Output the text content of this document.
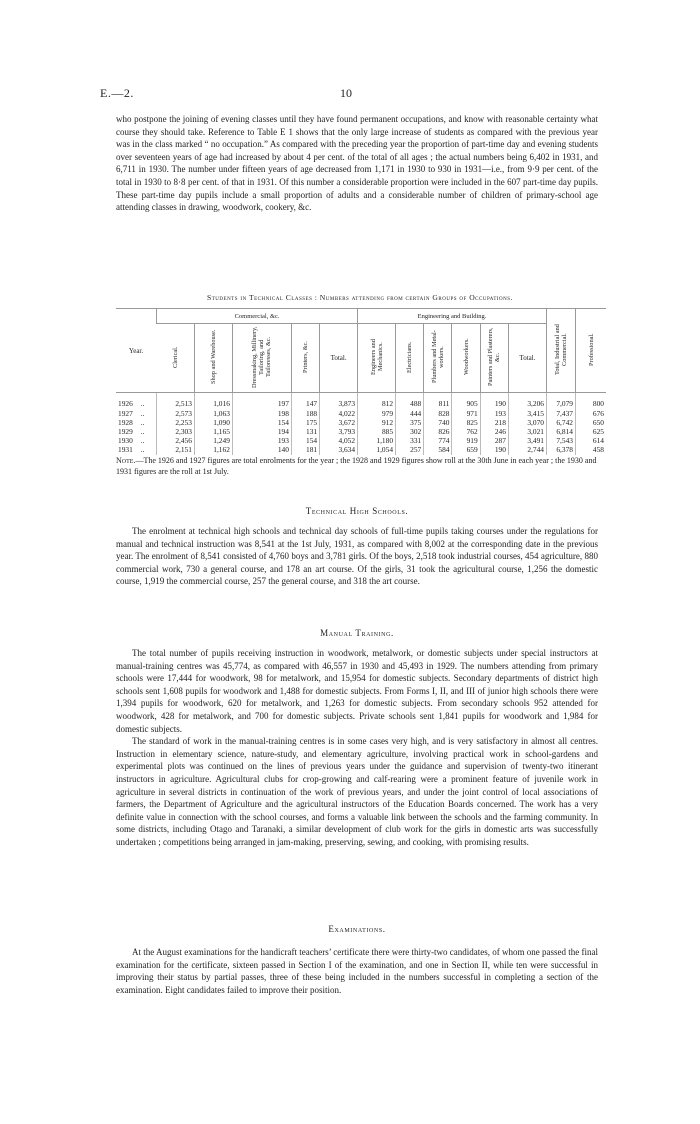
E.—2.	10

who postpone the joining of evening classes until they have found permanent occupations, and know with reasonable certainty what course they should take. Reference to Table E 1 shows that the only large increase of students as compared with the previous year was in the class marked “ no occupation.” As compared with the preceding year the proportion of part-time day and evening students over seventeen years of age had increased by about 4 per cent. of the total of all ages ; the actual numbers being 6,402 in 1931, and 6,711 in 1930. The number under fifteen years of age decreased from 1,171 in 1930 to 930 in 1931—i.e., from 9·9 per cent. of the total in 1930 to 8·8 per cent. of that in 1931. Of this number a considerable proportion were included in the 607 part-time day pupils. These part-time day pupils include a small proportion of adults and a considerable number of children of primary-school age attending classes in drawing, woodwork, cookery, &c.

Students in Technical Classes : Numbers attending from certain Groups of Occupations.
Year.	Commercial, &c.					Engineering and Building.						Total, Industrial and Commercial.	Professional.
	Clerical.	Shop and Warehouse.	Dressmaking, Millinery, Tailoring, and Tailoresses, &c.	Printers, &c.	Total.	Engineers and Mechanics.	Electricians.	Plumbers and Metal-workers.	Woodworkers.	Painters and Plasterers, &c.	Total.		
1926 ..	2,513	1,016	197	147	3,873	812	488	811	905	190	3,206	7,079	800
1927 ..	2,573	1,063	198	188	4,022	979	444	828	971	193	3,415	7,437	676
1928 ..	2,253	1,090	154	175	3,672	912	375	740	825	218	3,070	6,742	650
1929 ..	2,303	1,165	194	131	3,793	885	302	826	762	246	3,021	6,814	625
1930 ..	2,456	1,249	193	154	4,052	1,180	331	774	919	287	3,491	7,543	614
1931 ..	2,151	1,162	140	181	3,634	1,054	257	584	659	190	2,744	6,378	458

Note.—The 1926 and 1927 figures are total enrolments for the year ; the 1928 and 1929 figures show roll at the 30th June in each year ; the 1930 and 1931 figures are the roll at 1st July.

Technical High Schools.

The enrolment at technical high schools and technical day schools of full-time pupils taking courses under the regulations for manual and technical instruction was 8,541 at the 1st July, 1931, as compared with 8,002 at the corresponding date in the previous year. The enrolment of 8,541 consisted of 4,760 boys and 3,781 girls. Of the boys, 2,518 took industrial courses, 454 agriculture, 880 commercial work, 730 a general course, and 178 an art course. Of the girls, 31 took the agricultural course, 1,256 the domestic course, 1,919 the commercial course, 257 the general course, and 318 the art course.

Manual Training.

The total number of pupils receiving instruction in woodwork, metalwork, or domestic subjects under special instructors at manual-training centres was 45,774, as compared with 46,557 in 1930 and 45,493 in 1929. The numbers attending from primary schools were 17,444 for woodwork, 98 for metalwork, and 15,954 for domestic subjects. Secondary departments of district high schools sent 1,608 pupils for woodwork and 1,488 for domestic subjects. From Forms I, II, and III of junior high schools there were 1,394 pupils for woodwork, 620 for metalwork, and 1,263 for domestic subjects. From secondary schools 952 attended for woodwork, 428 for metalwork, and 700 for domestic subjects. Private schools sent 1,841 pupils for woodwork and 1,984 for domestic subjects.

The standard of work in the manual-training centres is in some cases very high, and is very satisfactory in almost all centres. Instruction in elementary science, nature-study, and elementary agriculture, involving practical work in school-gardens and experimental plots was continued on the lines of previous years under the guidance and supervision of twenty-two itinerant instructors in agriculture. Agricultural clubs for crop-growing and calf-rearing were a prominent feature of juvenile work in agriculture in several districts in continuation of the work of previous years, and under the joint control of local associations of farmers, the Department of Agriculture and the agricultural instructors of the Education Boards concerned. The work has a very definite value in connection with the school courses, and forms a valuable link between the schools and the farming community. In some districts, including Otago and Taranaki, a similar development of club work for the girls in domestic arts was successfully undertaken ; competitions being arranged in jam-making, preserving, sewing, and cooking, with promising results.

Examinations.

At the August examinations for the handicraft teachers’ certificate there were thirty-two candidates, of whom one passed the final examination for the certificate, sixteen passed in Section I of the examination, and one in Section II, while ten were successful in improving their status by partial passes, three of these being included in the numbers successful in completing a section of the examination. Eight candidates failed to improve their position.
